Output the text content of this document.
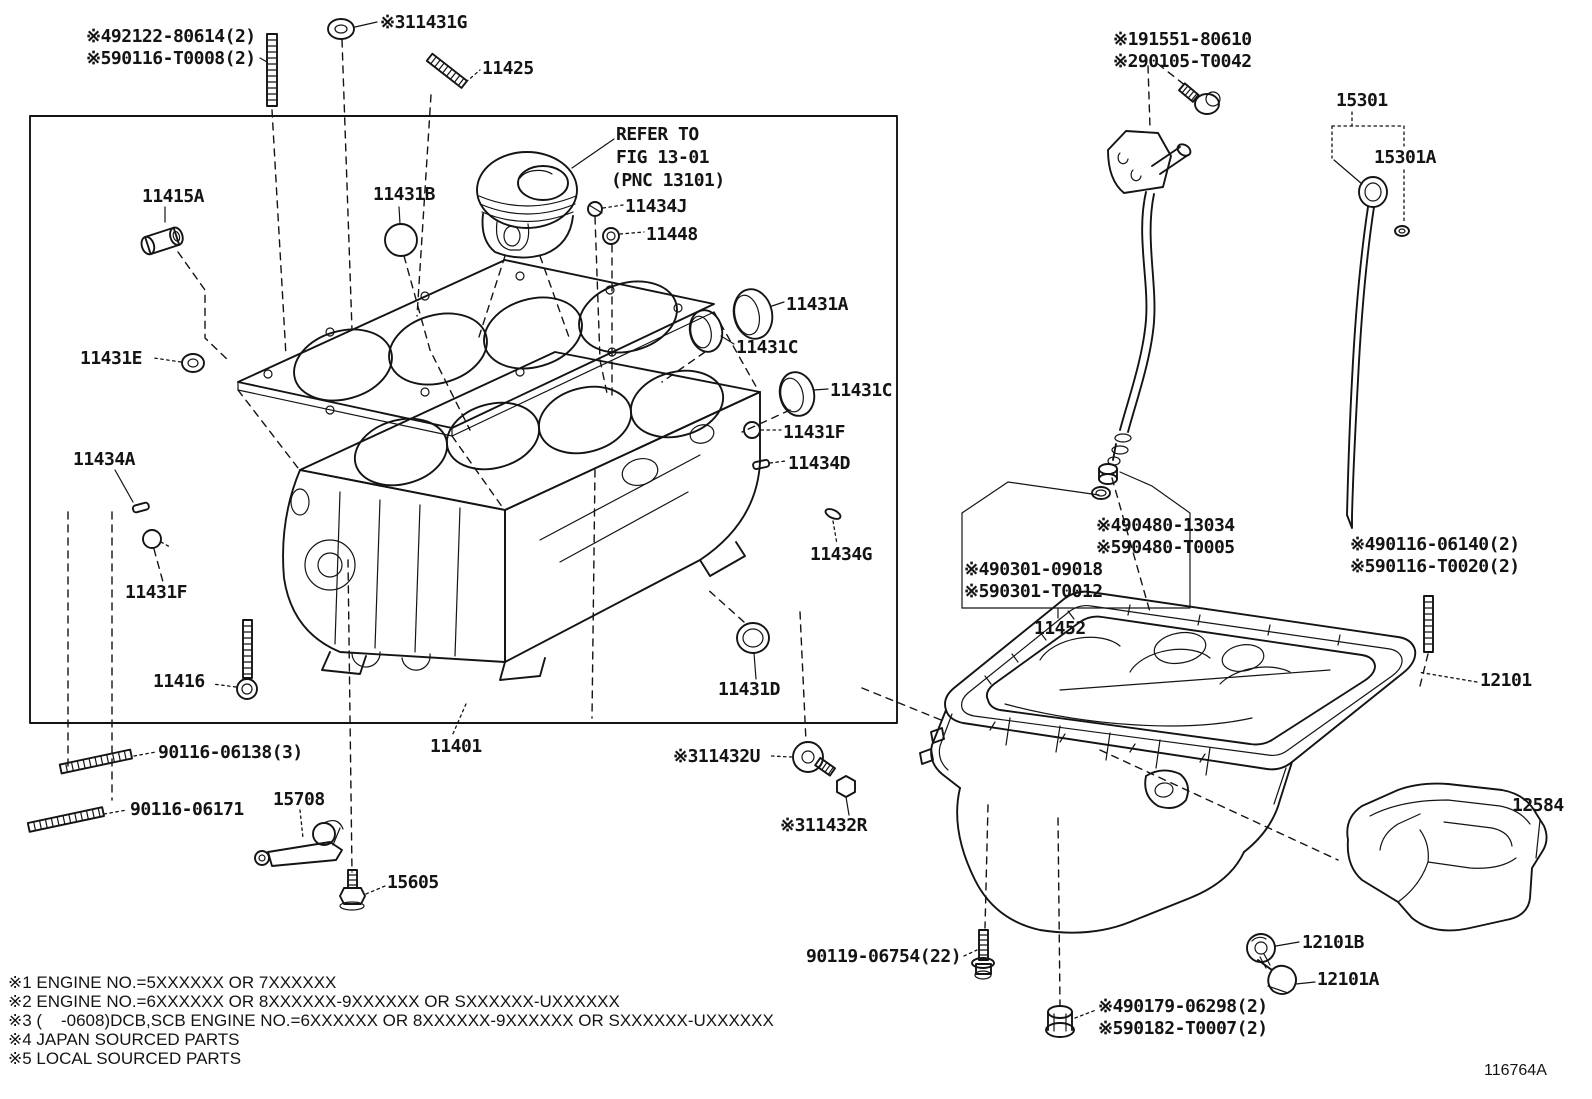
※492122-80614(2)
※590116-T0008(2)
※311431G
11425
11415A	11431B
REFER TO
FIG 13-01
(PNC 13101)
11434J
11448
11431A
11431C
11431C
11431E
11431F
11434D
11434A
11434G
11431F
11416	11431D
11401
90116-06138(3)
90116-06171 15708
15605
※311432U
※311432R
※191551-80610
※290105-T0042
15301
15301A
※490480-13034
※590480-T0005
※490301-09018
※590301-T0012
11452
※490116-06140(2)
※590116-T0020(2)
12101
12584
12101B
12101A
90119-06754(22)
※490179-06298(2)
※590182-T0007(2)
※1 ENGINE NO.=5XXXXXX OR 7XXXXXX
※2 ENGINE NO.=6XXXXXX OR 8XXXXXX-9XXXXXX OR SXXXXXX-UXXXXXX
※3 (    -0608)DCB,SCB ENGINE NO.=6XXXXXX OR 8XXXXXX-9XXXXXX OR SXXXXXX-UXXXXXX
※4 JAPAN SOURCED PARTS
※5 LOCAL SOURCED PARTS
116764A
